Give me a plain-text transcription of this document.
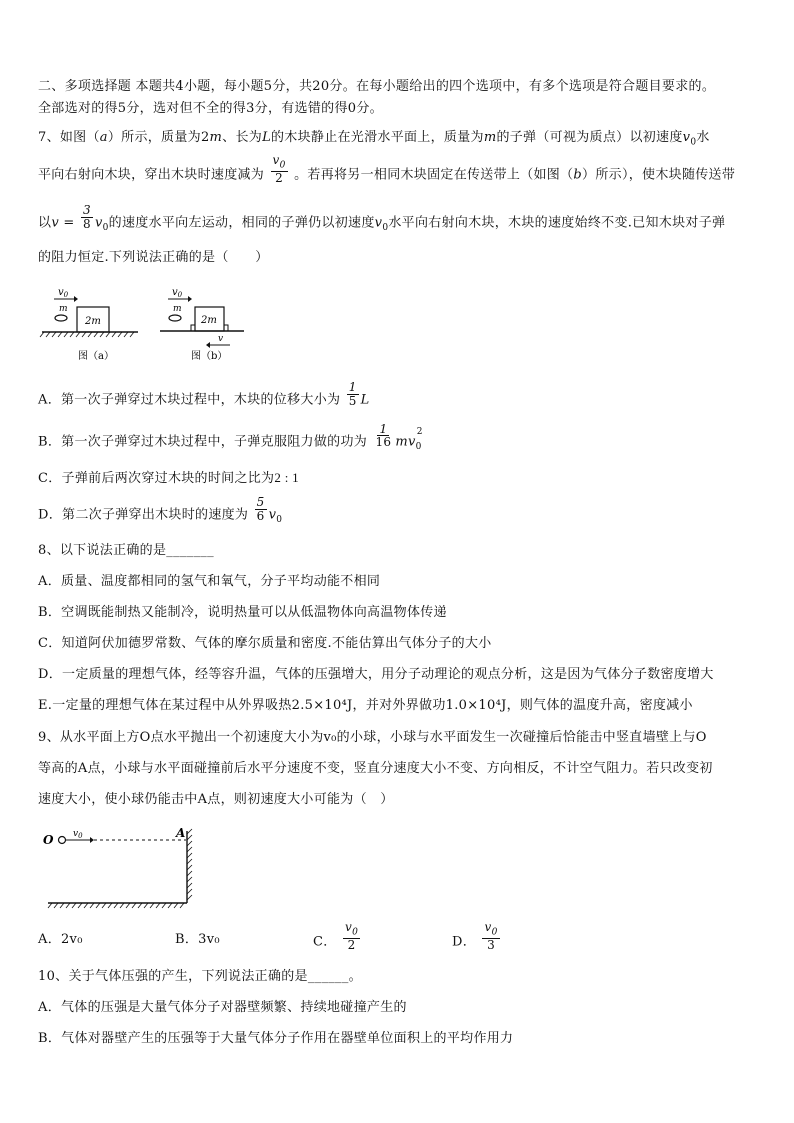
二、多项选择题 本题共4小题，每小题5分，共20分。在每小题给出的四个选项中，有多个选项是符合题目要求的。
全部选对的得5分，选对但不全的得3分，有选错的得0分。
7、如图（a）所示，质量为2m、长为L的木块静止在光滑水平面上，质量为m的子弹（可视为质点）以初速度$v_0$水
平向右射向木块，穿出木块时速度减为 $\frac{v_0}{2}$ 。若再将另一相同木块固定在传送带上（如图（b）所示），使木块随传送带
以$v = \frac{3}{8} v_0$的速度水平向左运动，相同的子弹仍以初速度$v_0$水平向右射向木块，木块的速度始终不变.已知木块对子弹
的阻力恒定.下列说法正确的是（　　）
$v_0$
m
2m
图（a）
$v_0$
m
2m
v
图（b）
A．第一次子弹穿过木块过程中，木块的位移大小为 $\frac{1}{5}$ L
B．第一次子弹穿过木块过程中，子弹克服阻力做的功为 $\frac{1}{16} mv_0^2$
C．子弹前后两次穿过木块的时间之比为2 : 1
D．第二次子弹穿出木块时的速度为 $\frac{5}{6} v_0$
8、以下说法正确的是_______
A．质量、温度都相同的氢气和氧气，分子平均动能不相同
B．空调既能制热又能制冷，说明热量可以从低温物体向高温物体传递
C．知道阿伏加德罗常数、气体的摩尔质量和密度.不能估算出气体分子的大小
D．一定质量的理想气体，经等容升温，气体的压强增大，用分子动理论的观点分析，这是因为气体分子数密度增大
E.一定量的理想气体在某过程中从外界吸热2.5×10⁴J，并对外界做功1.0×10⁴J，则气体的温度升高，密度减小
9、从水平面上方O点水平抛出一个初速度大小为v₀的小球，小球与水平面发生一次碰撞后恰能击中竖直墙壁上与O
等高的A点，小球与水平面碰撞前后水平分速度不变，竖直分速度大小不变、方向相反，不计空气阻力。若只改变初
速度大小，使小球仍能击中A点，则初速度大小可能为（　）
O $v_0$	A
A．2v₀	B．3v₀	C． $\frac{v_0}{2}$	D． $\frac{v_0}{3}$
10、关于气体压强的产生，下列说法正确的是______。
A．气体的压强是大量气体分子对器壁频繁、持续地碰撞产生的
B．气体对器壁产生的压强等于大量气体分子作用在器壁单位面积上的平均作用力
